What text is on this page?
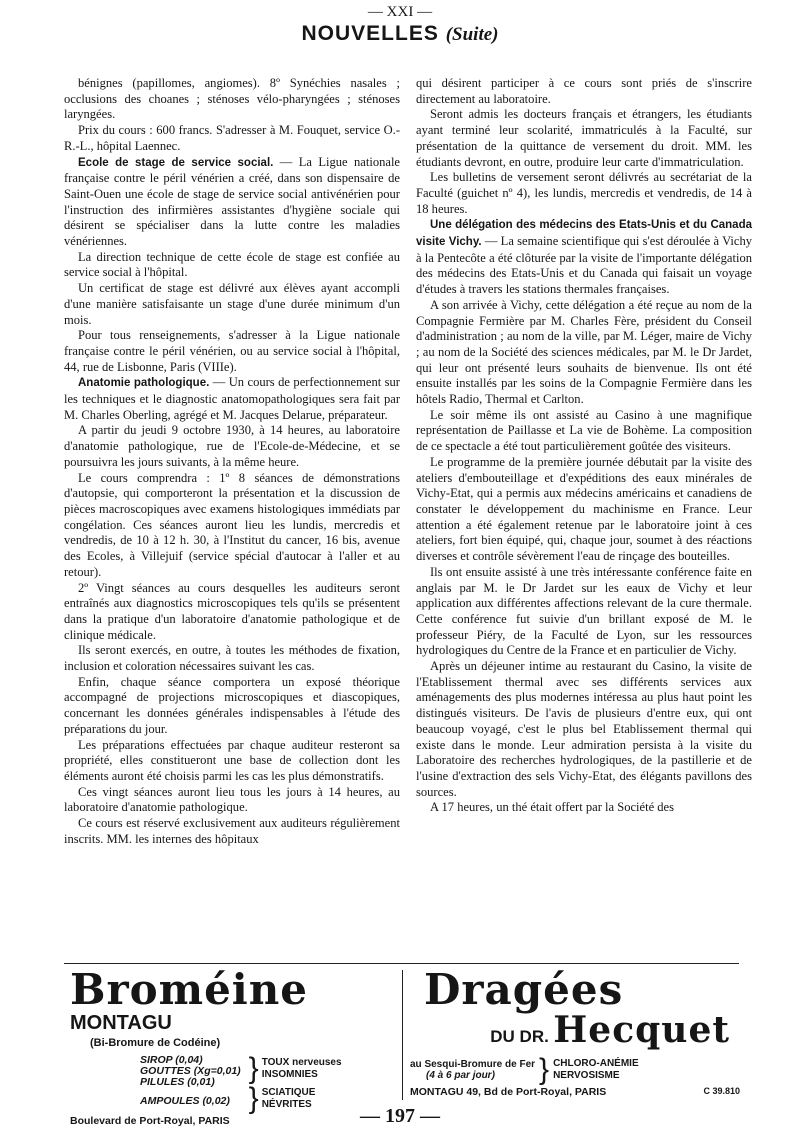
— XXI —
NOUVELLES (Suite)

bénignes (papillomes, angiomes). 8º Synéchies nasales ; occlusions des choanes ; sténoses vélo-pharyngées ; sténoses laryngées.

Prix du cours : 600 francs. S'adresser à M. Fouquet, service O.-R.-L., hôpital Laennec.

Ecole de stage de service social. — La Ligue nationale française contre le péril vénérien a créé, dans son dispensaire de Saint-Ouen une école de stage de service social antivénérien pour l'instruction des infirmières assistantes d'hygiène sociale qui désirent se spécialiser dans la lutte contre les maladies vénériennes.

La direction technique de cette école de stage est confiée au service social à l'hôpital.

Un certificat de stage est délivré aux élèves ayant accompli d'une manière satisfaisante un stage d'une durée minimum d'un mois.

Pour tous renseignements, s'adresser à la Ligue nationale française contre le péril vénérien, ou au service social à l'hôpital, 44, rue de Lisbonne, Paris (VIIIe).

Anatomie pathologique. — Un cours de perfectionnement sur les techniques et le diagnostic anatomopathologiques sera fait par M. Charles Oberling, agrégé et M. Jacques Delarue, préparateur.

A partir du jeudi 9 octobre 1930, à 14 heures, au laboratoire d'anatomie pathologique, rue de l'Ecole-de-Médecine, et se poursuivra les jours suivants, à la même heure.

Le cours comprendra : 1º 8 séances de démonstrations d'autopsie, qui comporteront la présentation et la discussion de pièces macroscopiques avec examens histologiques immédiats par congélation. Ces séances auront lieu les lundis, mercredis et vendredis, de 10 à 12 h. 30, à l'Institut du cancer, 16 bis, avenue des Ecoles, à Villejuif (service spécial d'autocar à l'aller et au retour).

2º Vingt séances au cours desquelles les auditeurs seront entraînés aux diagnostics microscopiques tels qu'ils se présentent dans la pratique d'un laboratoire d'anatomie pathologique et de clinique médicale.

Ils seront exercés, en outre, à toutes les méthodes de fixation, inclusion et coloration nécessaires suivant les cas.

Enfin, chaque séance comportera un exposé théorique accompagné de projections microscopiques et diascopiques, concernant les données générales indispensables à l'étude des préparations du jour.

Les préparations effectuées par chaque auditeur resteront sa propriété, elles constitueront une base de collection dont les éléments auront été choisis parmi les cas les plus démonstratifs.

Ces vingt séances auront lieu tous les jours à 14 heures, au laboratoire d'anatomie pathologique.

Ce cours est réservé exclusivement aux auditeurs régulièrement inscrits. MM. les internes des hôpitaux

qui désirent participer à ce cours sont priés de s'inscrire directement au laboratoire.

Seront admis les docteurs français et étrangers, les étudiants ayant terminé leur scolarité, immatriculés à la Faculté, sur présentation de la quittance de versement du droit. MM. les étudiants devront, en outre, produire leur carte d'immatriculation.

Les bulletins de versement seront délivrés au secrétariat de la Faculté (guichet nº 4), les lundis, mercredis et vendredis, de 14 à 18 heures.

Une délégation des médecins des Etats-Unis et du Canada visite Vichy. — La semaine scientifique qui s'est déroulée à Vichy à la Pentecôte a été clôturée par la visite de l'importante délégation des médecins des Etats-Unis et du Canada qui faisait un voyage d'études à travers les stations thermales françaises.

A son arrivée à Vichy, cette délégation a été reçue au nom de la Compagnie Fermière par M. Charles Fère, président du Conseil d'administration ; au nom de la ville, par M. Léger, maire de Vichy ; au nom de la Société des sciences médicales, par M. le Dr Jardet, qui leur ont présenté leurs souhaits de bienvenue. Ils ont été ensuite installés par les soins de la Compagnie Fermière dans les hôtels Radio, Thermal et Carlton.

Le soir même ils ont assisté au Casino à une magnifique représentation de Paillasse et La vie de Bohème. La composition de ce spectacle a été tout particulièrement goûtée des visiteurs.

Le programme de la première journée débutait par la visite des ateliers d'embouteillage et d'expéditions des eaux minérales de Vichy-Etat, qui a permis aux médecins américains et canadiens de constater le développement du machinisme en France. Leur attention a été également retenue par le laboratoire joint à ces ateliers, fort bien équipé, qui, chaque jour, soumet à des réactions diverses et contrôle sévèrement l'eau de rinçage des bouteilles.

Ils ont ensuite assisté à une très intéressante conférence faite en anglais par M. le Dr Jardet sur les eaux de Vichy et leur application aux différentes affections relevant de la cure thermale. Cette conférence fut suivie d'un brillant exposé de M. le professeur Piéry, de la Faculté de Lyon, sur les ressources hydrologiques du Centre de la France et en particulier de Vichy.

Après un déjeuner intime au restaurant du Casino, la visite de l'Etablissement thermal avec ses différents services aux aménagements des plus modernes intéressa au plus haut point les distingués visiteurs. De l'avis de plusieurs d'entre eux, qui ont beaucoup voyagé, c'est le plus bel Etablissement thermal qui existe dans le monde. Leur admiration persista à la visite du Laboratoire des recherches hydrologiques, de la pastillerie et de l'usine d'extraction des sels Vichy-Etat, des élégants pavillons des sources.

A 17 heures, un thé était offert par la Société des

Broméine MONTAGU
(Bi-Bromure de Codéine)
SIROP (0,04)
GOUTTES (Xg=0,01)
PILULES (0,01)
AMPOULES (0,02)
} TOUX nerveuses
INSOMNIES
} SCIATIQUE
NÉVRITES
Boulevard de Port-Royal, PARIS
Dragées
DU DR. Hecquet
au Sesqui-Bromure de Fer
(4 à 6 par jour)	} CHLORO-ANÉMIE
NERVOSISME
MONTAGU 49, Bd de Port-Royal, PARIS	C 39.810
— 197 —
